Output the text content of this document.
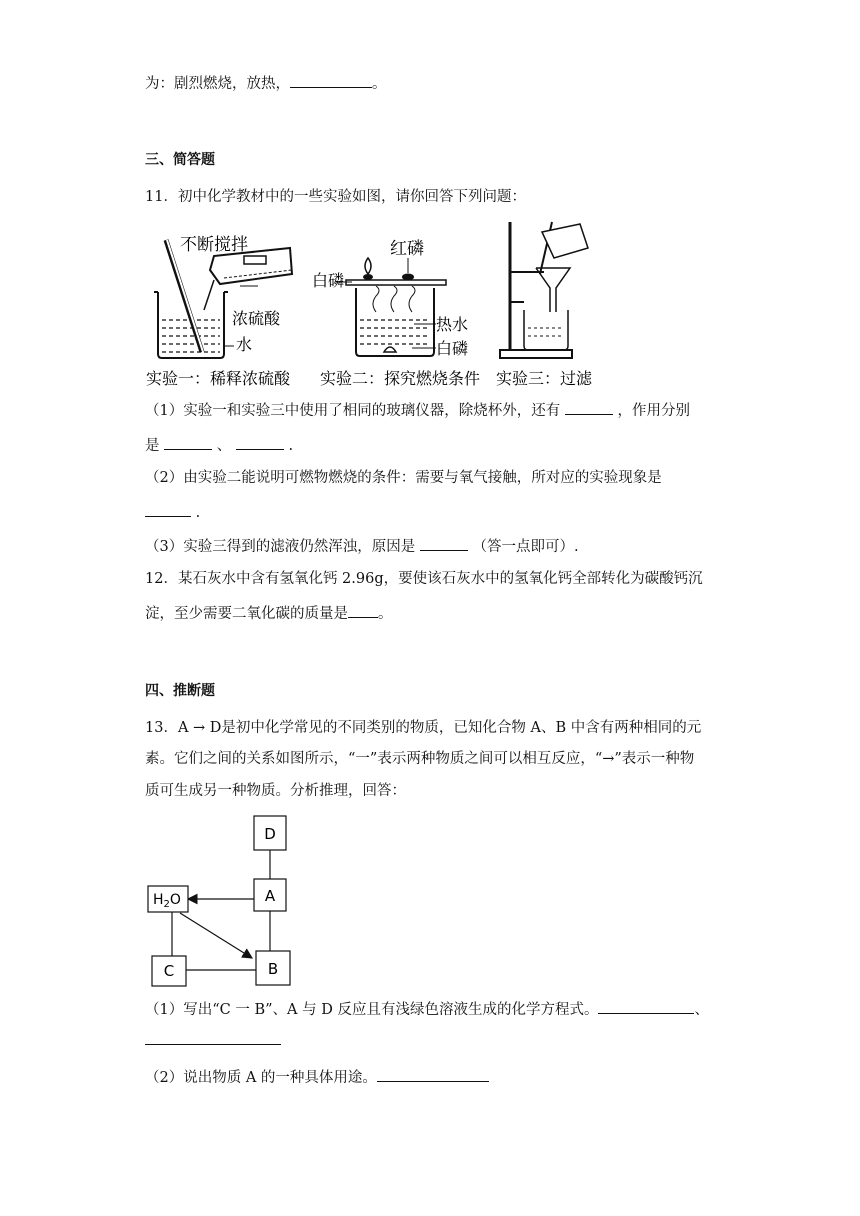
为：剧烈燃烧，放热，	。
三、简答题
11．初中化学教材中的一些实验如图，请你回答下列问题：
不断搅拌
浓硫酸
水
实验一：稀释浓硫酸
红磷
白磷
热水
白磷
实验二：探究燃烧条件 实验三：过滤
（1）实验一和实验三中使用了相同的玻璃仪器，除烧杯外，还有	，作用分别
是	、	.
（2）由实验二能说明可燃物燃烧的条件：需要与氧气接触，所对应的实验现象是
.
（3）实验三得到的滤液仍然浑浊，原因是	（答一点即可）.
12．某石灰水中含有氢氧化钙 2.96g，要使该石灰水中的氢氧化钙全部转化为碳酸钙沉
淀，至少需要二氧化碳的质量是 。
四、推断题
13．A → D是初中化学常见的不同类别的物质，已知化合物 A、B 中含有两种相同的元
素。它们之间的关系如图所示，“一”表示两种物质之间可以相互反应，“→”表示一种物
质可生成另一种物质。分析推理，回答：
D
A
$H_2O$
C	B
（1）写出“C 一 B”、A 与 D 反应且有浅绿色溶液生成的化学方程式。	、
（2）说出物质 A 的一种具体用途。
